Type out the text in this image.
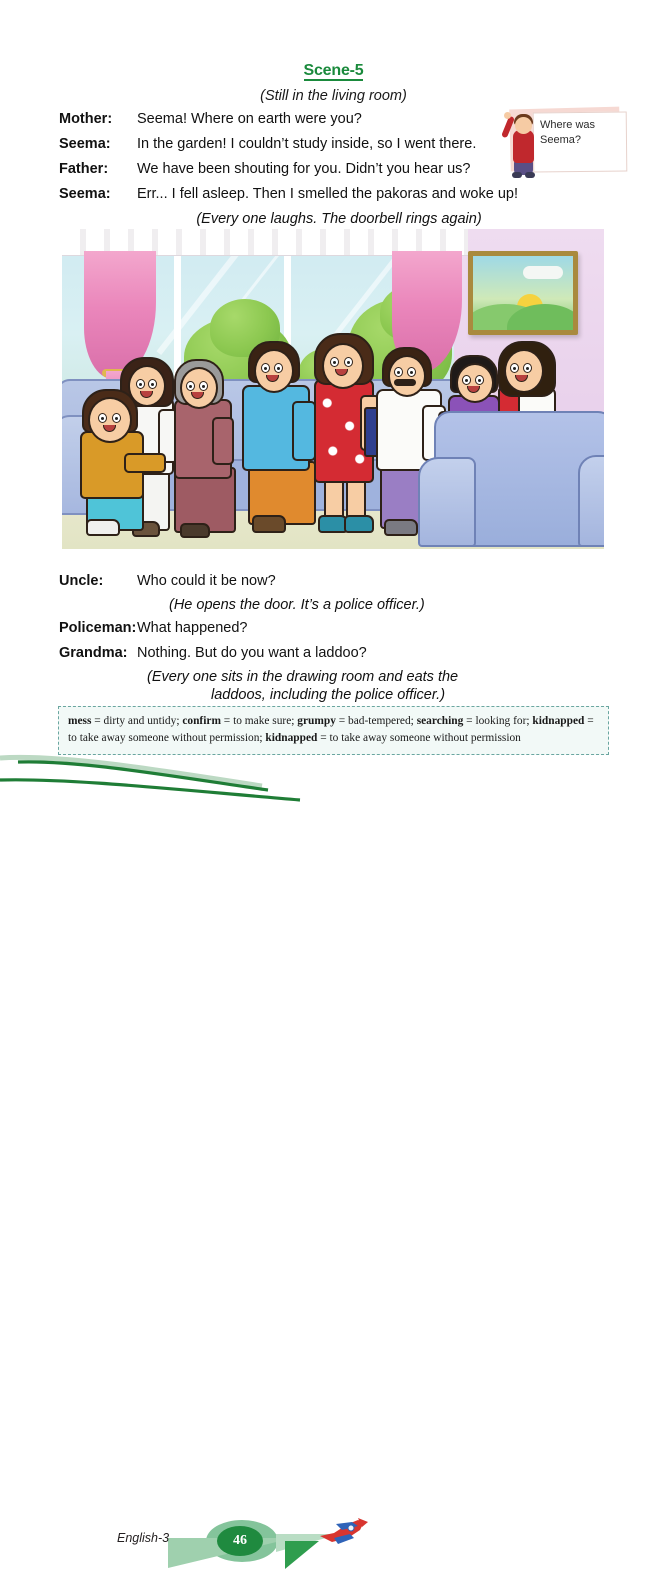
Scene-5
(Still in the living room)
Where was Seema?
Mother:	Seema! Where on earth were you?
Seema:	In the garden! I couldn’t study inside, so I went there.
Father:	We have been shouting for you. Didn’t you hear us?
Seema:	Err... I fell asleep. Then I smelled the pakoras and woke up!
(Every one laughs. The doorbell rings again)
Uncle:	Who could it be now?
(He opens the door. It’s a police officer.)
Policeman: What happened?
Grandma: Nothing. But do you want a laddoo?
(Every one sits in the drawing room and eats the
laddoos, including the police officer.)
mess = dirty and untidy; confirm = to make sure; grumpy = bad-tempered; searching = looking for; kidnapped = to take away someone without permission; kidnapped = to take away someone without permission
English-3	46
